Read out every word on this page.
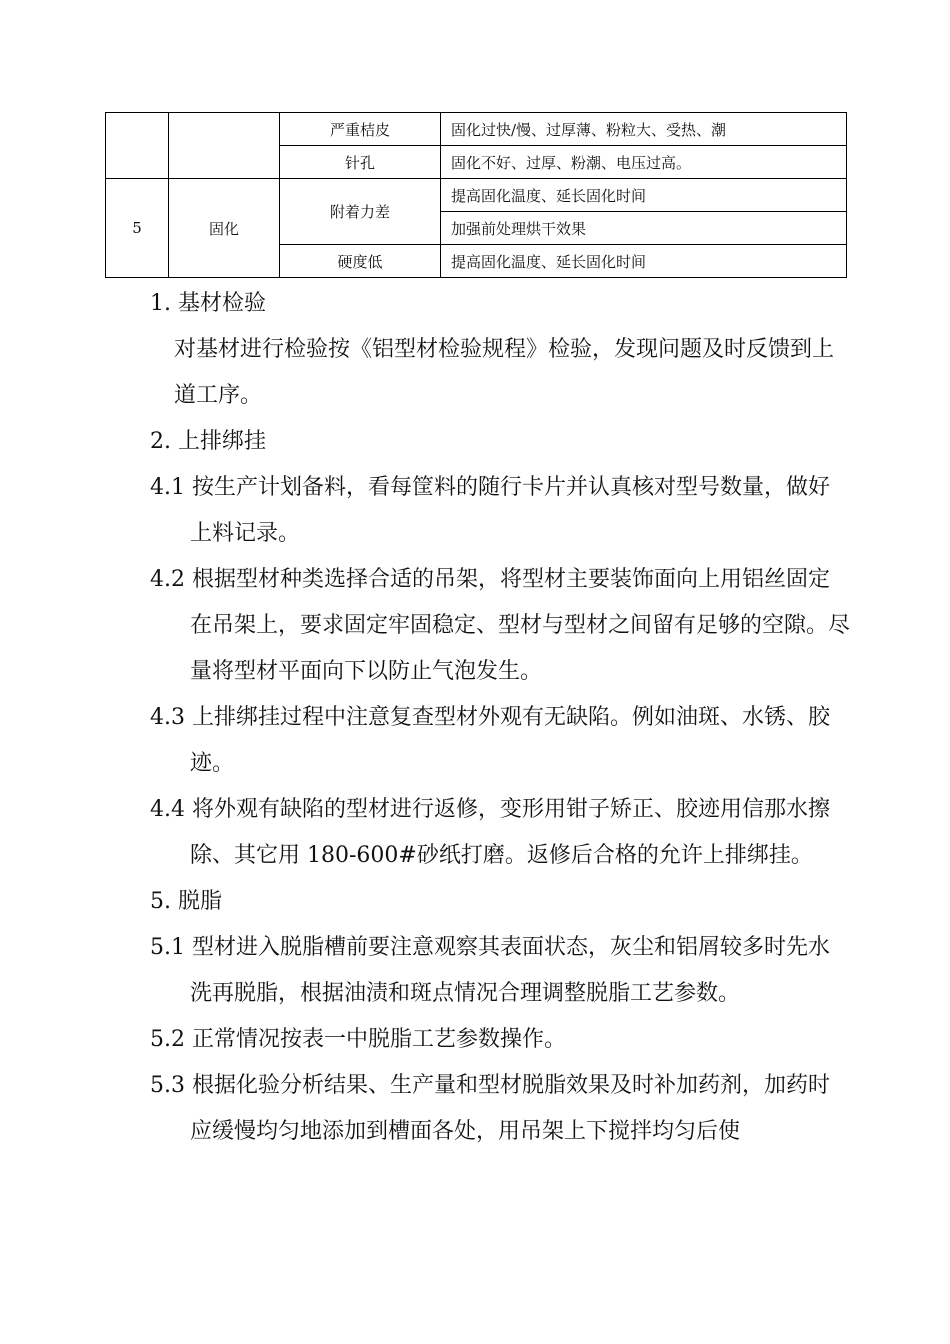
		严重桔皮	固化过快/慢、过厚薄、粉粒大、受热、潮
		针孔	固化不好、过厚、粉潮、电压过高。
5	固化	附着力差	提高固化温度、延长固化时间
			加强前处理烘干效果
		硬度低	提高固化温度、延长固化时间

1. 基材检验

对基材进行检验按《铝型材检验规程》检验，发现问题及时反馈到上道工序。

2. 上排绑挂

4.1 按生产计划备料，看每筐料的随行卡片并认真核对型号数量，做好上料记录。

4.2 根据型材种类选择合适的吊架，将型材主要装饰面向上用铝丝固定在吊架上，要求固定牢固稳定、型材与型材之间留有足够的空隙。尽量将型材平面向下以防止气泡发生。

4.3 上排绑挂过程中注意复查型材外观有无缺陷。例如油斑、水锈、胶迹。

4.4 将外观有缺陷的型材进行返修，变形用钳子矫正、胶迹用信那水擦除、其它用 180-600#砂纸打磨。返修后合格的允许上排绑挂。

5. 脱脂

5.1 型材进入脱脂槽前要注意观察其表面状态，灰尘和铝屑较多时先水洗再脱脂，根据油渍和斑点情况合理调整脱脂工艺参数。

5.2 正常情况按表一中脱脂工艺参数操作。

5.3 根据化验分析结果、生产量和型材脱脂效果及时补加药剂，加药时应缓慢均匀地添加到槽面各处，用吊架上下搅拌均匀后使
